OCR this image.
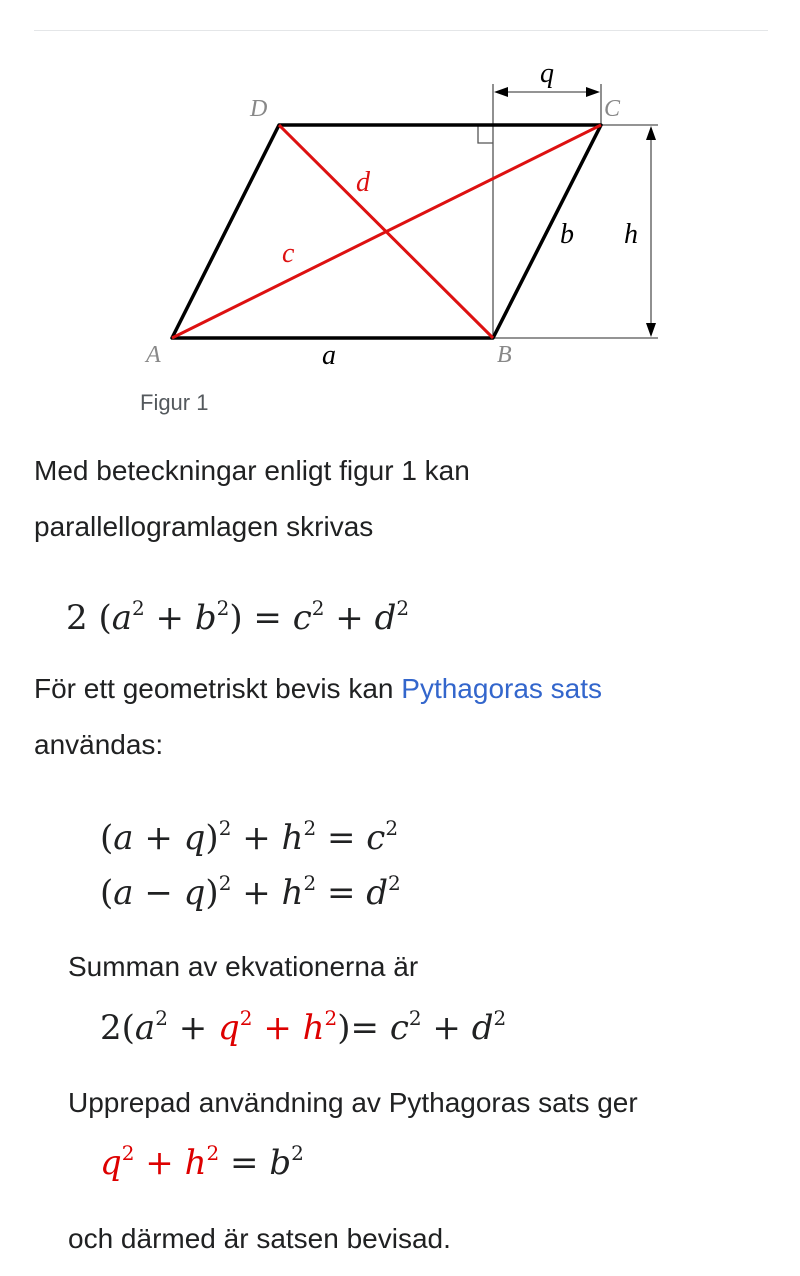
A	B
C
D
a
b
c
d
h
q
Figur 1
Med beteckningar enligt figur 1 kan
parallellogramlagen skrivas
2 $(a^2 + b^2) = c^2 + d^2$
För ett geometriskt bevis kan Pythagoras sats
användas:
$(a + q)^2 + h^2 = c^2$
$(a - q)^2 + h^2 = d^2$
Summan av ekvationerna är
$2(a^2 + q^2 + h^2)= c^2 + d^2$
Upprepad användning av Pythagoras sats ger
$q^2 + h^2 = b^2$
och därmed är satsen bevisad.
